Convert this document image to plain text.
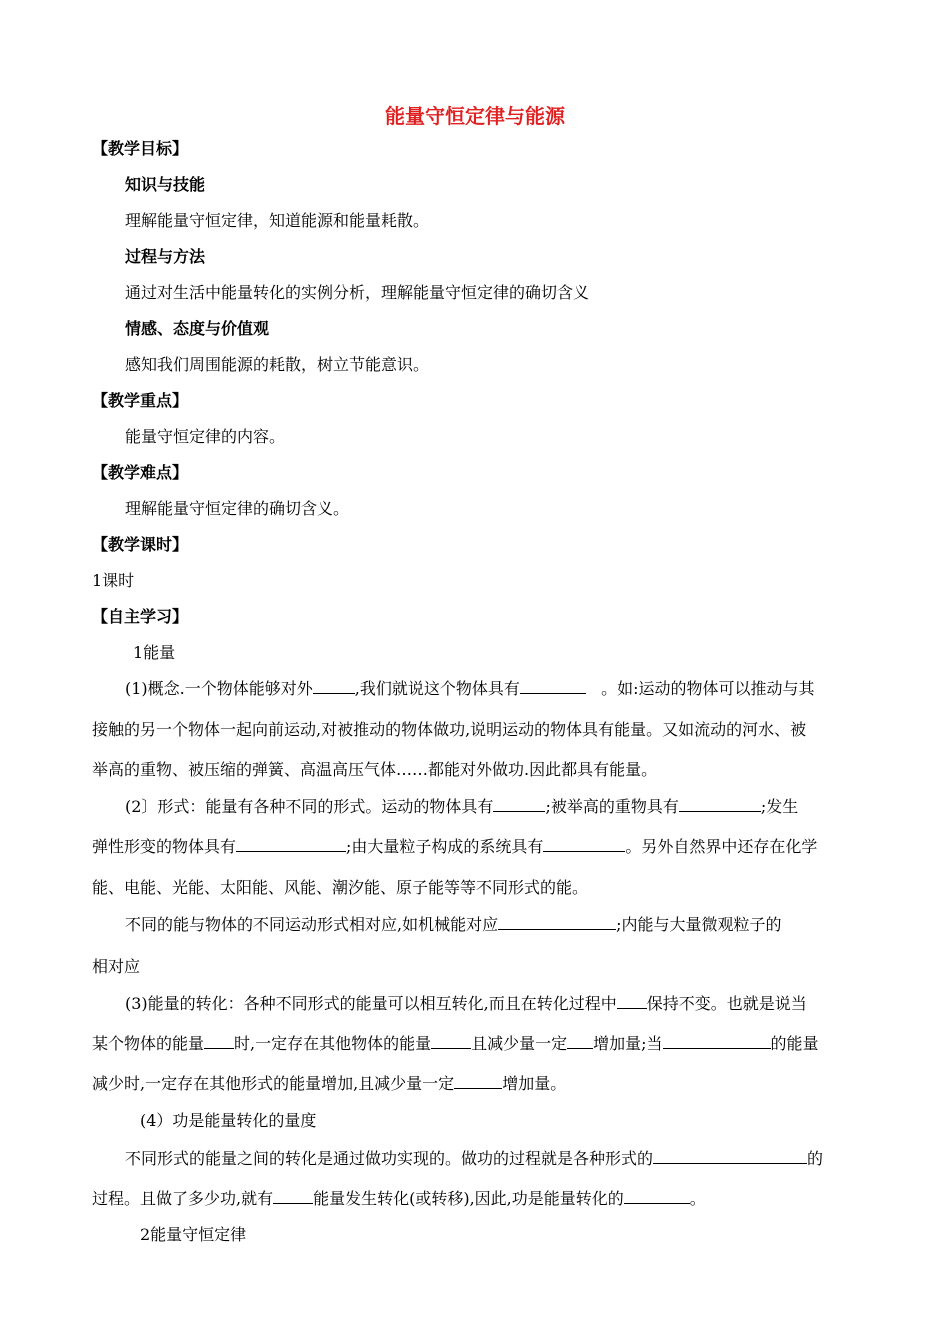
能量守恒定律与能源
【教学目标】
知识与技能
理解能量守恒定律，知道能源和能量耗散。
过程与方法
通过对生活中能量转化的实例分析，理解能量守恒定律的确切含义
情感、态度与价值观
感知我们周围能源的耗散，树立节能意识。
【教学重点】
能量守恒定律的内容。
【教学难点】
理解能量守恒定律的确切含义。
【教学课时】
1课时
【自主学习】
1能量
(1)概念.一个物体能够对外	,我们就说这个物体具有	。如:运动的物体可以推动与其
接触的另一个物体一起向前运动,对被推动的物体做功,说明运动的物体具有能量。又如流动的河水、被
举高的重物、被压缩的弹簧、高温高压气体……都能对外做功.因此都具有能量。
(2〕形式：能量有各种不同的形式。运动的物体具有	;被举高的重物具有	;发生
弹性形变的物体具有	;由大量粒子构成的系统具有	。另外自然界中还存在化学
能、电能、光能、太阳能、风能、潮汐能、原子能等等不同形式的能。
不同的能与物体的不同运动形式相对应,如机械能对应	;内能与大量微观粒子的
相对应
(3)能量的转化：各种不同形式的能量可以相互转化,而且在转化过程中 保持不变。也就是说当
某个物体的能量 时,一定存在其他物体的能量	且减少量一定 增加量;当	的能量
减少时,一定存在其他形式的能量增加,且减少量一定	增加量。
(4）功是能量转化的量度
不同形式的能量之间的转化是通过做功实现的。做功的过程就是各种形式的	的
过程。且做了多少功,就有	能量发生转化(或转移),因此,功是能量转化的	。
2能量守恒定律
